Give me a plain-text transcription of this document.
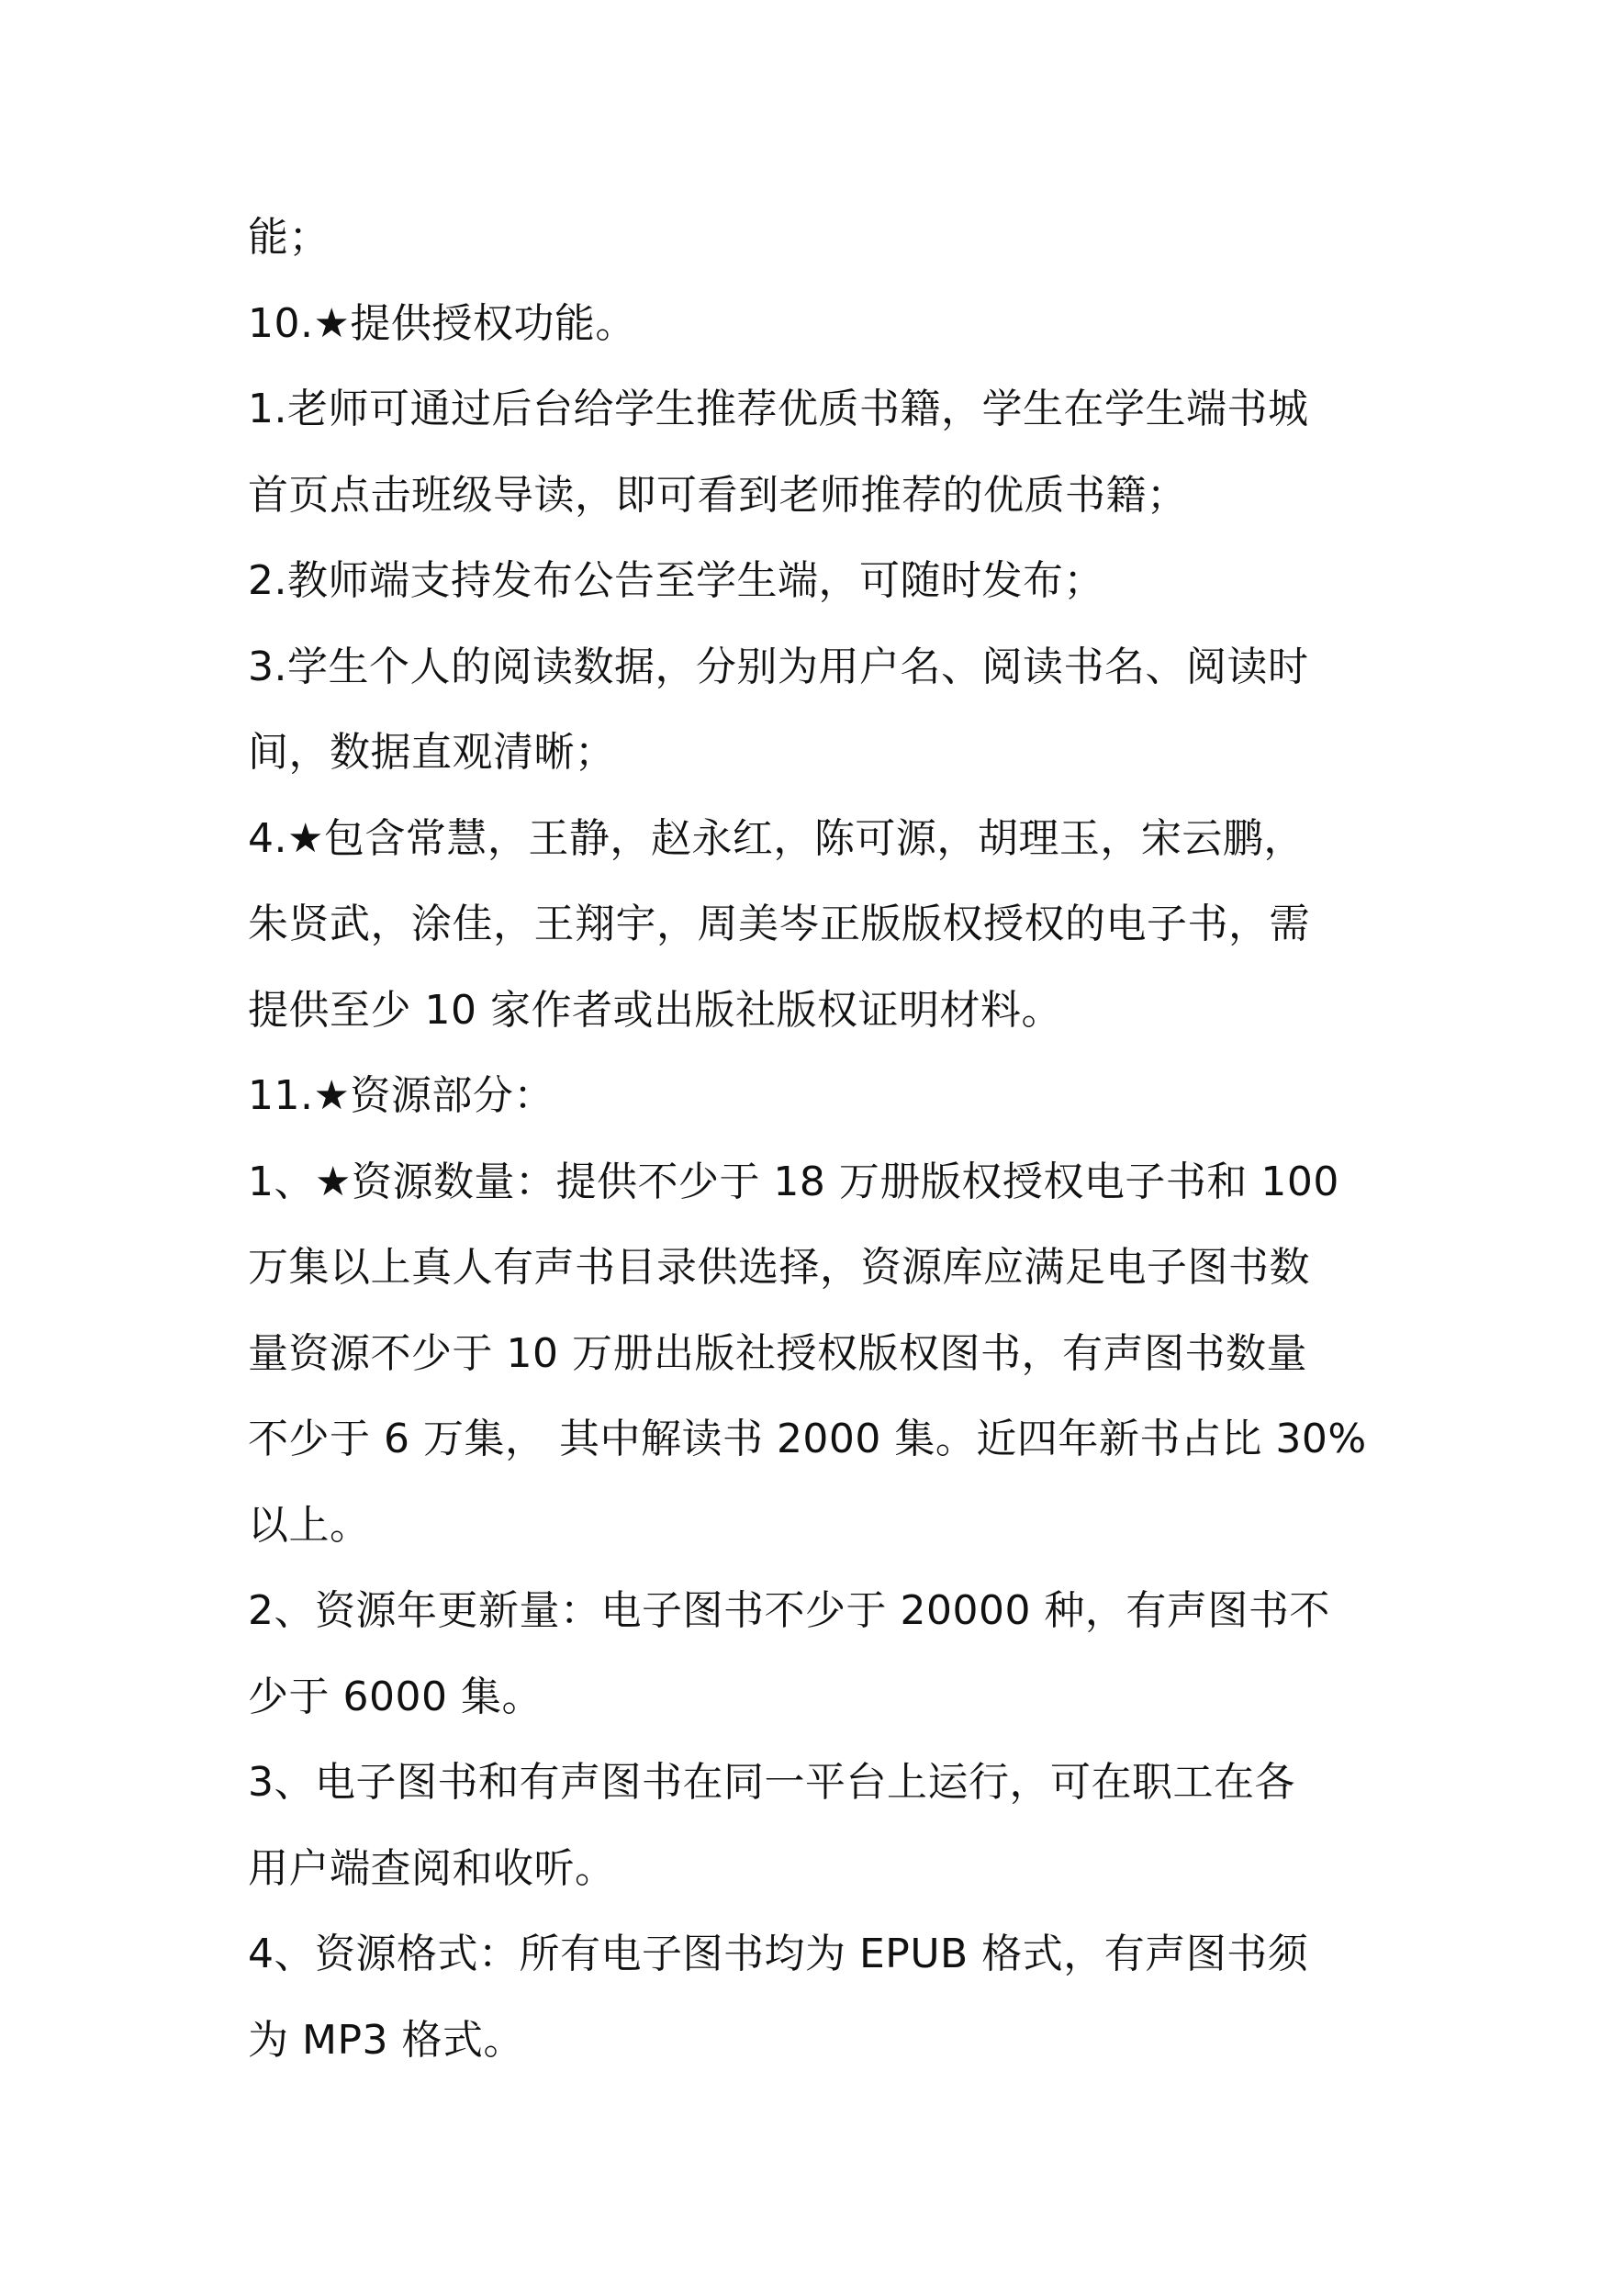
能；
10.★提供授权功能。
1.老师可通过后台给学生推荐优质书籍，学生在学生端书城
首页点击班级导读，即可看到老师推荐的优质书籍；
2.教师端支持发布公告至学生端，可随时发布；
3.学生个人的阅读数据，分别为用户名、阅读书名、阅读时
间，数据直观清晰；
4.★包含常慧，王静，赵永红，陈可源，胡理玉，宋云鹏，
朱贤武，涂佳，王翔宇，周美岑正版版权授权的电子书，需
提供至少 10 家作者或出版社版权证明材料。
11.★资源部分：
1、★资源数量：提供不少于 18 万册版权授权电子书和 100
万集以上真人有声书目录供选择，资源库应满足电子图书数
量资源不少于 10 万册出版社授权版权图书，有声图书数量
不少于 6 万集， 其中解读书 2000 集。近四年新书占比 30%
以上。
2、资源年更新量：电子图书不少于 20000 种，有声图书不
少于 6000 集。
3、电子图书和有声图书在同一平台上运行，可在职工在各
用户端查阅和收听。
4、资源格式：所有电子图书均为 EPUB 格式，有声图书须
为 MP3 格式。
